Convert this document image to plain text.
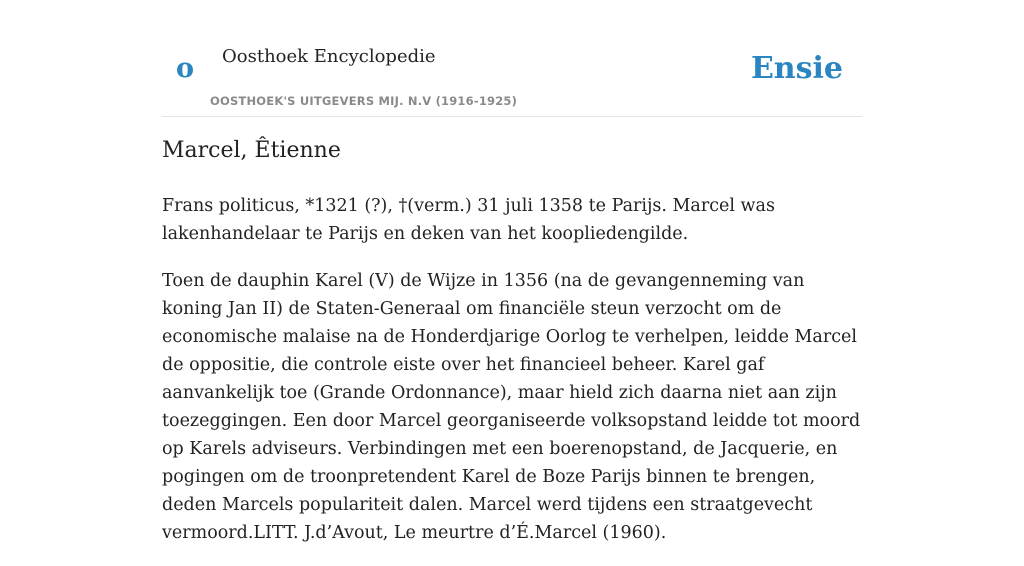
o Oosthoek Encyclopedie
OOSTHOEK'S UITGEVERS MIJ. N.V (1916-1925)
Ensie
Marcel, Êtienne

Frans politicus, *1321 (?), †(verm.) 31 juli 1358 te Parijs. Marcel was lakenhandelaar te Parijs en deken van het koopliedengilde.

Toen de dauphin Karel (V) de Wijze in 1356 (na de gevangenneming van koning Jan II) de Staten-Generaal om financiële steun verzocht om de economische malaise na de Honderdjarige Oorlog te verhelpen, leidde Marcel de oppositie, die controle eiste over het financieel beheer. Karel gaf aanvankelijk toe (Grande Ordonnance), maar hield zich daarna niet aan zijn toezeggingen. Een door Marcel georganiseerde volksopstand leidde tot moord op Karels adviseurs. Verbindingen met een boerenopstand, de Jacquerie, en pogingen om de troonpretendent Karel de Boze Parijs binnen te brengen, deden Marcels populariteit dalen. Marcel werd tijdens een straatgevecht vermoord.LITT. J.d’Avout, Le meurtre d’É.Marcel (1960).
